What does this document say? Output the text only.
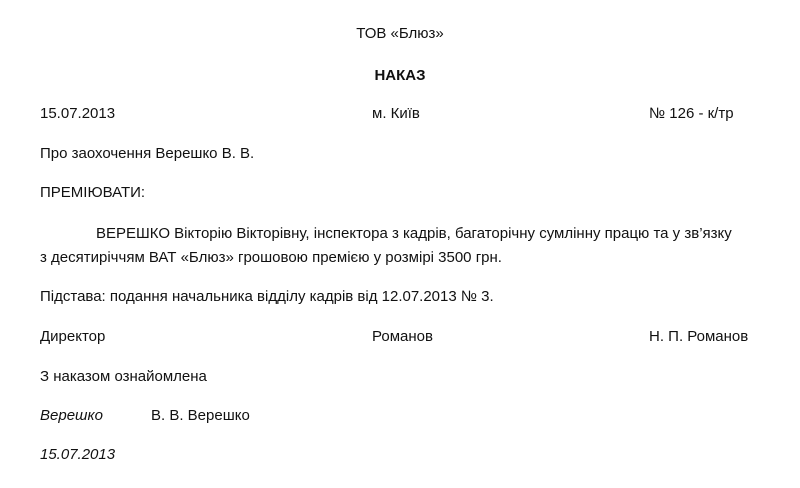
ТОВ «Блюз»
НАКАЗ
15.07.2013	м. Київ	№ 126 - к/тр
Про заохочення Верешко В. В.
ПРЕМІЮВАТИ:
ВЕРЕШКО Вікторію Вікторівну, інспектора з кадрів, багаторічну сумлінну працю та у зв’язку
з десятиріччям ВАТ «Блюз» грошовою премією у розмірі 3500 грн.
Підстава: подання начальника відділу кадрів від 12.07.2013 № 3.
Директор	Романов	Н. П. Романов
З наказом ознайомлена
Верешко	В. В. Верешко
15.07.2013
